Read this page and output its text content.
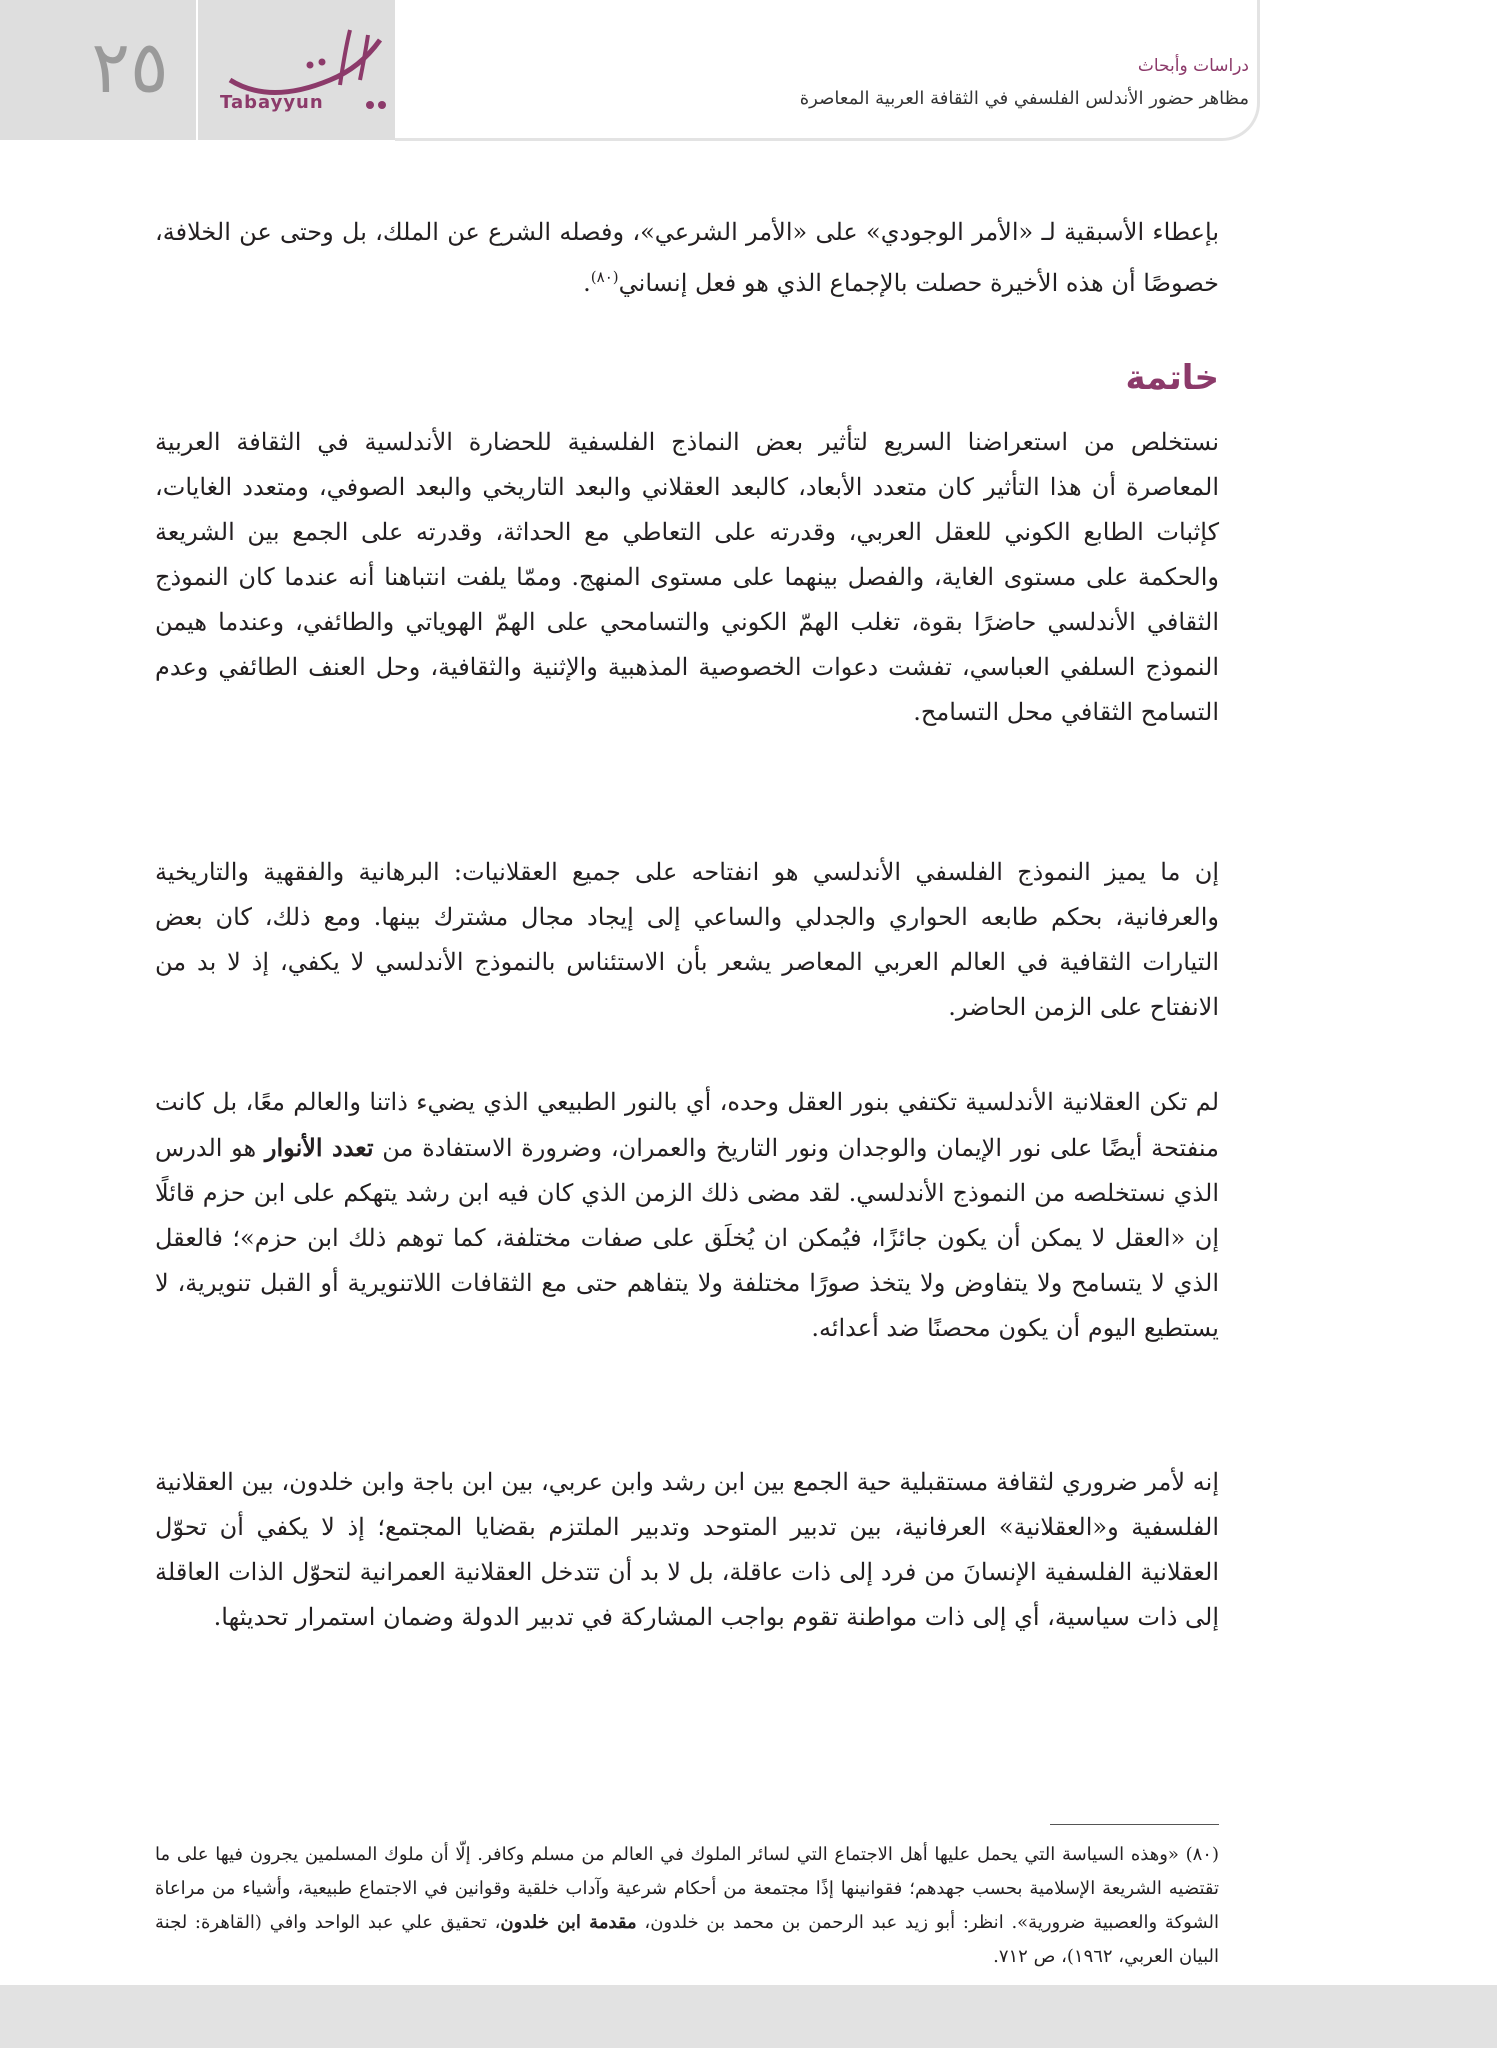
٢٥	Tabayyun
دراسات وأبحاث
مظاهر حضور الأندلس الفلسفي في الثقافة العربية المعاصرة

بإعطاء الأسبقية لـ «الأمر الوجودي» على «الأمر الشرعي»، وفصله الشرع عن الملك، بل وحتى عن الخلافة، خصوصًا أن هذه الأخيرة حصلت بالإجماع الذي هو فعل إنساني$^{(٨٠)}$.

خاتمة

نستخلص من استعراضنا السريع لتأثير بعض النماذج الفلسفية للحضارة الأندلسية في الثقافة العربية المعاصرة أن هذا التأثير كان متعدد الأبعاد، كالبعد العقلاني والبعد التاريخي والبعد الصوفي، ومتعدد الغايات، كإثبات الطابع الكوني للعقل العربي، وقدرته على التعاطي مع الحداثة، وقدرته على الجمع بين الشريعة والحكمة على مستوى الغاية، والفصل بينهما على مستوى المنهج. وممّا يلفت انتباهنا أنه عندما كان النموذج الثقافي الأندلسي حاضرًا بقوة، تغلب الهمّ الكوني والتسامحي على الهمّ الهوياتي والطائفي، وعندما هيمن النموذج السلفي العباسي، تفشت دعوات الخصوصية المذهبية والإثنية والثقافية، وحل العنف الطائفي وعدم التسامح الثقافي محل التسامح.

إن ما يميز النموذج الفلسفي الأندلسي هو انفتاحه على جميع العقلانيات: البرهانية والفقهية والتاريخية والعرفانية، بحكم طابعه الحواري والجدلي والساعي إلى إيجاد مجال مشترك بينها. ومع ذلك، كان بعض التيارات الثقافية في العالم العربي المعاصر يشعر بأن الاستئناس بالنموذج الأندلسي لا يكفي، إذ لا بد من الانفتاح على الزمن الحاضر.

لم تكن العقلانية الأندلسية تكتفي بنور العقل وحده، أي بالنور الطبيعي الذي يضيء ذاتنا والعالم معًا، بل كانت منفتحة أيضًا على نور الإيمان والوجدان ونور التاريخ والعمران، وضرورة الاستفادة من تعدد الأنوار هو الدرس الذي نستخلصه من النموذج الأندلسي. لقد مضى ذلك الزمن الذي كان فيه ابن رشد يتهكم على ابن حزم قائلًا إن «العقل لا يمكن أن يكون جائزًا، فيُمكن ان يُخلَق على صفات مختلفة، كما توهم ذلك ابن حزم»؛ فالعقل الذي لا يتسامح ولا يتفاوض ولا يتخذ صورًا مختلفة ولا يتفاهم حتى مع الثقافات اللاتنويرية أو القبل تنويرية، لا يستطيع اليوم أن يكون محصنًا ضد أعدائه.

إنه لأمر ضروري لثقافة مستقبلية حية الجمع بين ابن رشد وابن عربي، بين ابن باجة وابن خلدون، بين العقلانية الفلسفية و«العقلانية» العرفانية، بين تدبير المتوحد وتدبير الملتزم بقضايا المجتمع؛ إذ لا يكفي أن تحوّل العقلانية الفلسفية الإنسانَ من فرد إلى ذات عاقلة، بل لا بد أن تتدخل العقلانية العمرانية لتحوّل الذات العاقلة إلى ذات سياسية، أي إلى ذات مواطنة تقوم بواجب المشاركة في تدبير الدولة وضمان استمرار تحديثها.

(٨٠) «وهذه السياسة التي يحمل عليها أهل الاجتماع التي لسائر الملوك في العالم من مسلم وكافر. إلّا أن ملوك المسلمين يجرون فيها على ما تقتضيه الشريعة الإسلامية بحسب جهدهم؛ فقوانينها إذًا مجتمعة من أحكام شرعية وآداب خلقية وقوانين في الاجتماع طبيعية، وأشياء من مراعاة الشوكة والعصبية ضرورية». انظر: أبو زيد عبد الرحمن بن محمد بن خلدون، مقدمة ابن خلدون، تحقيق علي عبد الواحد وافي (القاهرة: لجنة البيان العربي، ١٩٦٢)، ص ٧١٢.
